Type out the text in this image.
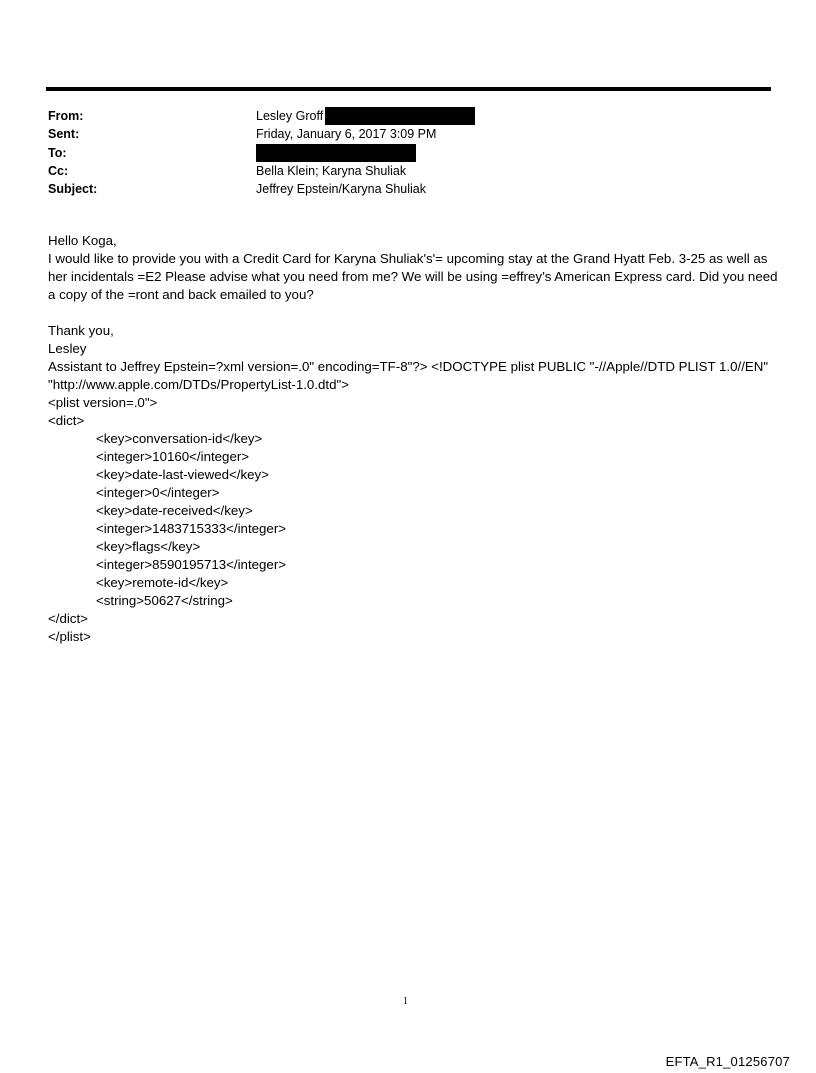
From:	Lesley Groff
Sent:	Friday, January 6, 2017 3:09 PM
To:
Cc:	Bella Klein; Karyna Shuliak
Subject:	Jeffrey Epstein/Karyna Shuliak

Hello Koga,

I would like to provide you with a Credit Card for Karyna Shuliak's'= upcoming stay at the Grand Hyatt Feb. 3-25 as well as her incidentals =E2 Please advise what you need from me? We will be using =effrey’s American Express card. Did you need a copy of the =ront and back emailed to you?

Thank you,

Lesley

Assistant to Jeffrey Epstein=?xml version=.0" encoding=TF-8"?> <!DOCTYPE plist PUBLIC "-//Apple//DTD PLIST 1.0//EN" "http://www.apple.com/DTDs/PropertyList-1.0.dtd">

<plist version=.0">

<dict>

<key>conversation-id</key>

<integer>10160</integer>

<key>date-last-viewed</key>

<integer>0</integer>

<key>date-received</key>

<integer>1483715333</integer>

<key>flags</key>

<integer>8590195713</integer>

<key>remote-id</key>

<string>50627</string>

</dict>

</plist>

1
EFTA_R1_01256707
